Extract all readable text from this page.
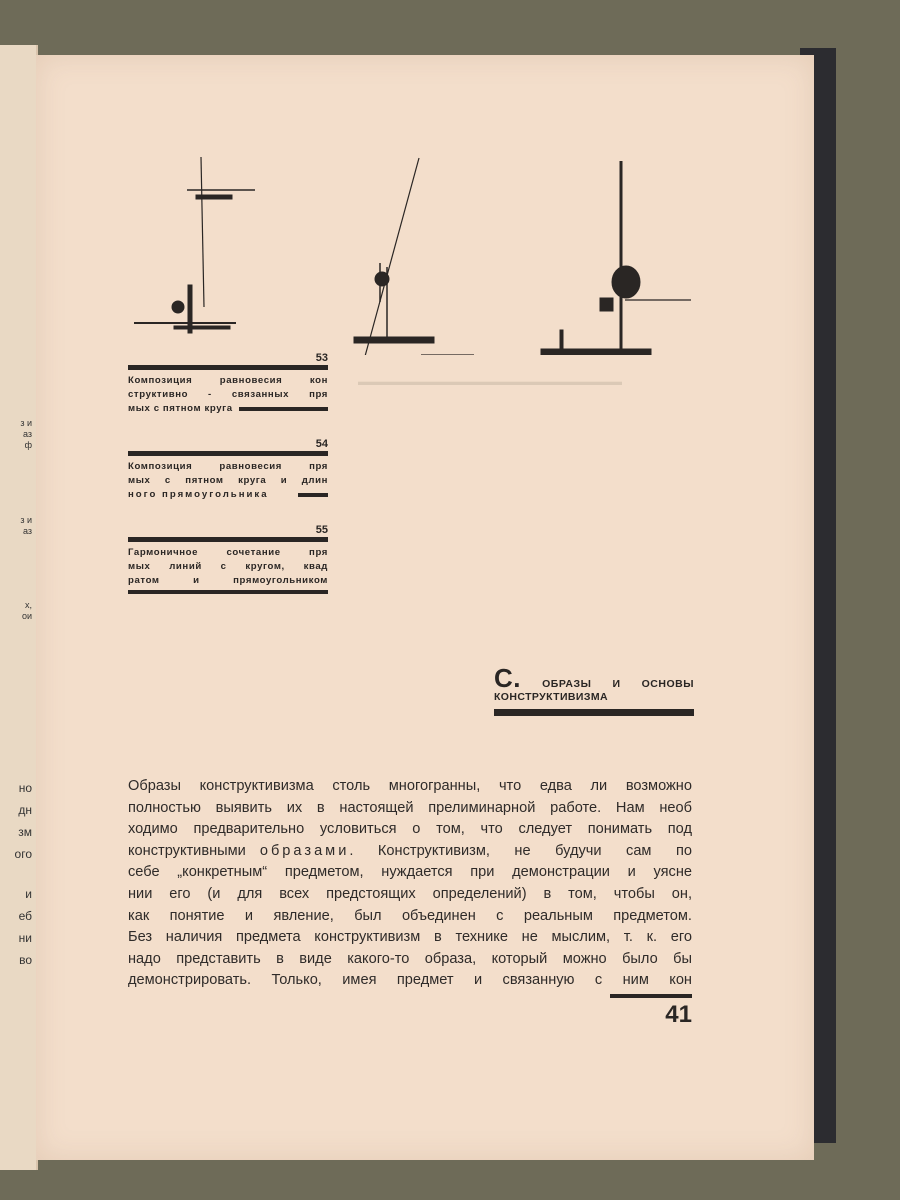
з и
аз
ф
з и
аз
х,
ои
но
дн
зм
ого
и
еб
ни
во
▬▬▬▬▬▬▬▬▬▬▬▬▬▬▬▬▬▬▬▬▬▬▬▬
53
Композиция равновесия кон
структивно - связанных пря
мых с пятном круга
54
Композиция равновесия пря
мых с пятном круга и длин
ного прямоугольника
55
Гармоничное сочетание пря
мых линий с кругом, квад
ратом и прямоугольником
C. ОБРАЗЫ И ОСНОВЫ
КОНСТРУКТИВИЗМА
Образы конструктивизма столь многогранны, что едва ли возможно
полностью выявить их в настоящей прелиминарной работе. Нам необ
ходимо предварительно условиться о том, что следует понимать под
конструктивными образами . Конструктивизм, не будучи сам по
себе „конкретным“ предметом, нуждается при демонстрации и уясне
нии его (и для всех предстоящих определений) в том, чтобы он,
как понятие и явление, был объединен с реальным предметом.
Без наличия предмета конструктивизм в технике не мыслим, т. к. его
надо представить в виде какого-то образа, который можно было бы
демонстрировать. Только, имея предмет и связанную с ним кон
41
